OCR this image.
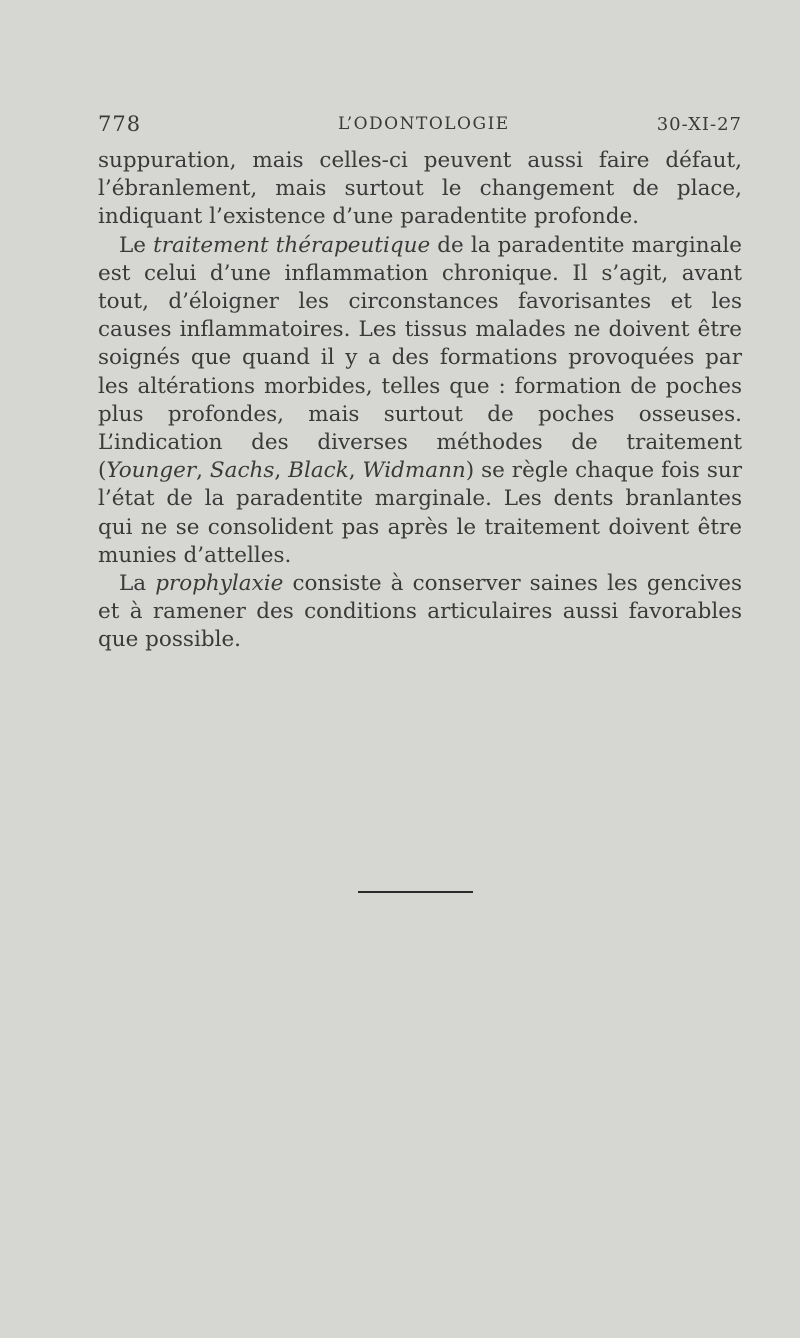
778	L’ODONTOLOGIE	30-XI-27

suppuration, mais celles-ci peuvent aussi faire défaut, l’ébranlement, mais surtout le changement de place, indiquant l’existence d’une paradentite profonde.

Le traitement thérapeutique de la paradentite marginale est celui d’une inflammation chronique. Il s’agit, avant tout, d’éloigner les circonstances favorisantes et les causes inflammatoires. Les tissus malades ne doivent être soignés que quand il y a des formations provoquées par les altérations morbides, telles que : formation de poches plus profondes, mais surtout de poches osseuses. L’indication des diverses méthodes de traitement (Younger, Sachs, Black, Widmann) se règle chaque fois sur l’état de la paradentite marginale. Les dents branlantes qui ne se consolident pas après le traitement doivent être munies d’attelles.

La prophylaxie consiste à conserver saines les gencives et à ramener des conditions articulaires aussi favorables que possible.
